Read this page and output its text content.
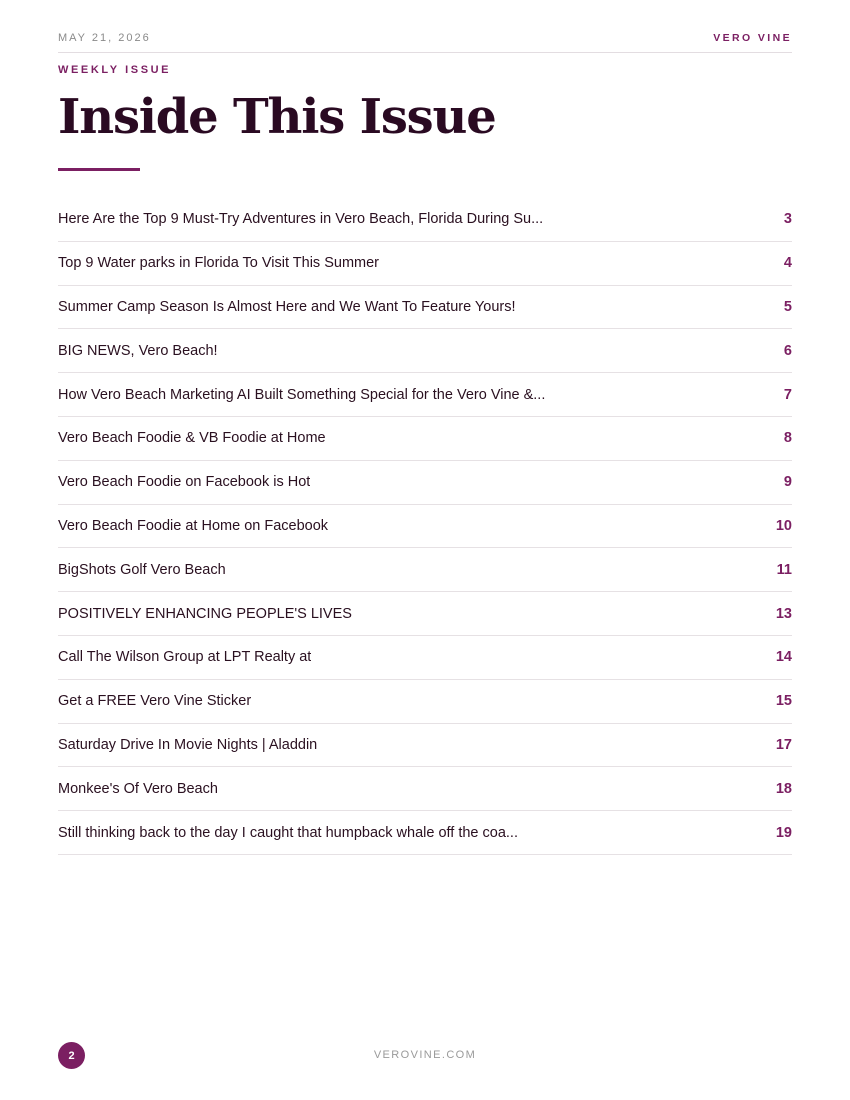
MAY 21, 2026	VERO VINE
WEEKLY ISSUE
Inside This Issue
Here Are the Top 9 Must-Try Adventures in Vero Beach, Florida During Su...	3
Top 9 Water parks in Florida To Visit This Summer	4
Summer Camp Season Is Almost Here and We Want To Feature Yours!	5
BIG NEWS, Vero Beach!	6
How Vero Beach Marketing AI Built Something Special for the Vero Vine &...	7
Vero Beach Foodie & VB Foodie at Home	8
Vero Beach Foodie on Facebook is Hot	9
Vero Beach Foodie at Home on Facebook	10
BigShots Golf Vero Beach	11
POSITIVELY ENHANCING PEOPLE'S LIVES	13
Call The Wilson Group at LPT Realty at	14
Get a FREE Vero Vine Sticker	15
Saturday Drive In Movie Nights | Aladdin	17
Monkee's Of Vero Beach	18
Still thinking back to the day I caught that humpback whale off the coa...	19
2	VEROVINE.COM
